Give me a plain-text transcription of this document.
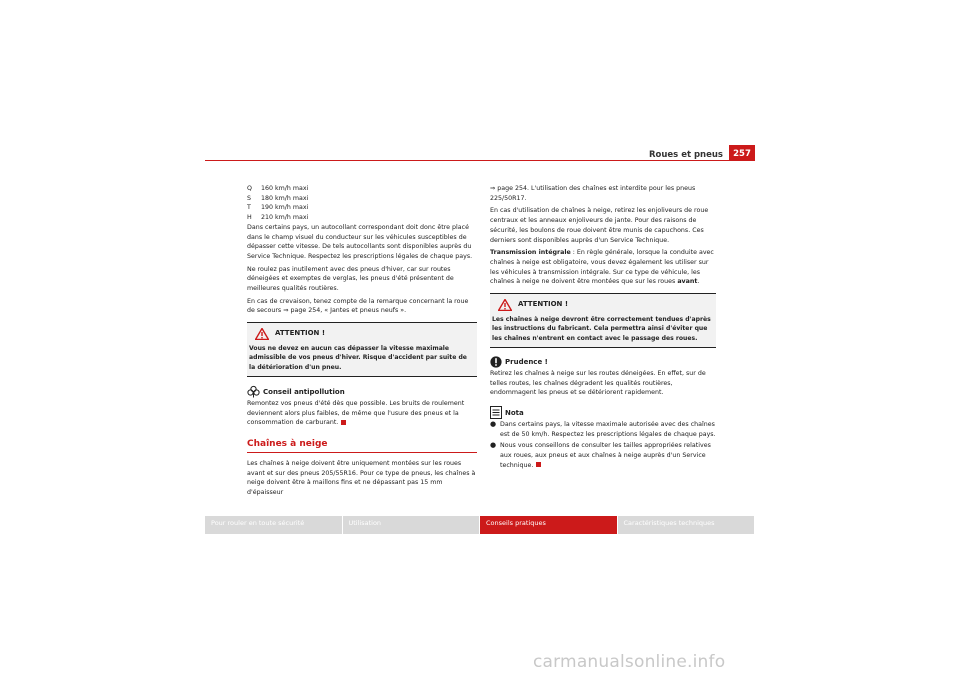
Roues et pneus	257
Q	160 km/h maxi
S	180 km/h maxi
T	190 km/h maxi
H	210 km/h maxi

Dans certains pays, un autocollant correspondant doit donc être placé dans le champ visuel du conducteur sur les véhicules susceptibles de dépasser cette vitesse. De tels autocollants sont disponibles auprès du Service Technique. Respectez les prescriptions légales de chaque pays.

Ne roulez pas inutilement avec des pneus d'hiver, car sur routes déneigées et exemptes de verglas, les pneus d'été présentent de meilleures qualités routières.

En cas de crevaison, tenez compte de la remarque concernant la roue de secours ⇒ page 254, « Jantes et pneus neufs ».

ATTENTION !
Vous ne devez en aucun cas dépasser la vitesse maximale admissible de vos pneus d'hiver. Risque d'accident par suite de la détérioration d'un pneu.
Conseil antipollution

Remontez vos pneus d'été dès que possible. Les bruits de roulement deviennent alors plus faibles, de même que l'usure des pneus et la consommation de carburant.

Chaînes à neige

Les chaînes à neige doivent être uniquement montées sur les roues avant et sur des pneus 205/55R16. Pour ce type de pneus, les chaînes à neige doivent être à maillons fins et ne dépassant pas 15 mm d'épaisseur

⇒ page 254. L'utilisation des chaînes est interdite pour les pneus 225/50R17.

En cas d'utilisation de chaînes à neige, retirez les enjoliveurs de roue centraux et les anneaux enjoliveurs de jante. Pour des raisons de sécurité, les boulons de roue doivent être munis de capuchons. Ces derniers sont disponibles auprès d'un Service Technique.

Transmission intégrale : En règle générale, lorsque la conduite avec chaînes à neige est obligatoire, vous devez également les utiliser sur les véhicules à transmission intégrale. Sur ce type de véhicule, les chaînes à neige ne doivent être montées que sur les roues avant.

ATTENTION !
Les chaînes à neige devront être correctement tendues d'après les instructions du fabricant. Cela permettra ainsi d'éviter que les chaînes n'entrent en contact avec le passage des roues.
Prudence !

Retirez les chaînes à neige sur les routes déneigées. En effet, sur de telles routes, les chaînes dégradent les qualités routières, endommagent les pneus et se détériorent rapidement.

Nota
● Dans certains pays, la vitesse maximale autorisée avec des chaînes est de 50 km/h. Respectez les prescriptions légales de chaque pays.
● Nous vous conseillons de consulter les tailles appropriées relatives aux roues, aux pneus et aux chaînes à neige auprès d'un Service technique.
Pour rouler en toute sécurité	Utilisation	Conseils pratiques	Caractéristiques techniques
carmanualsonline.info
